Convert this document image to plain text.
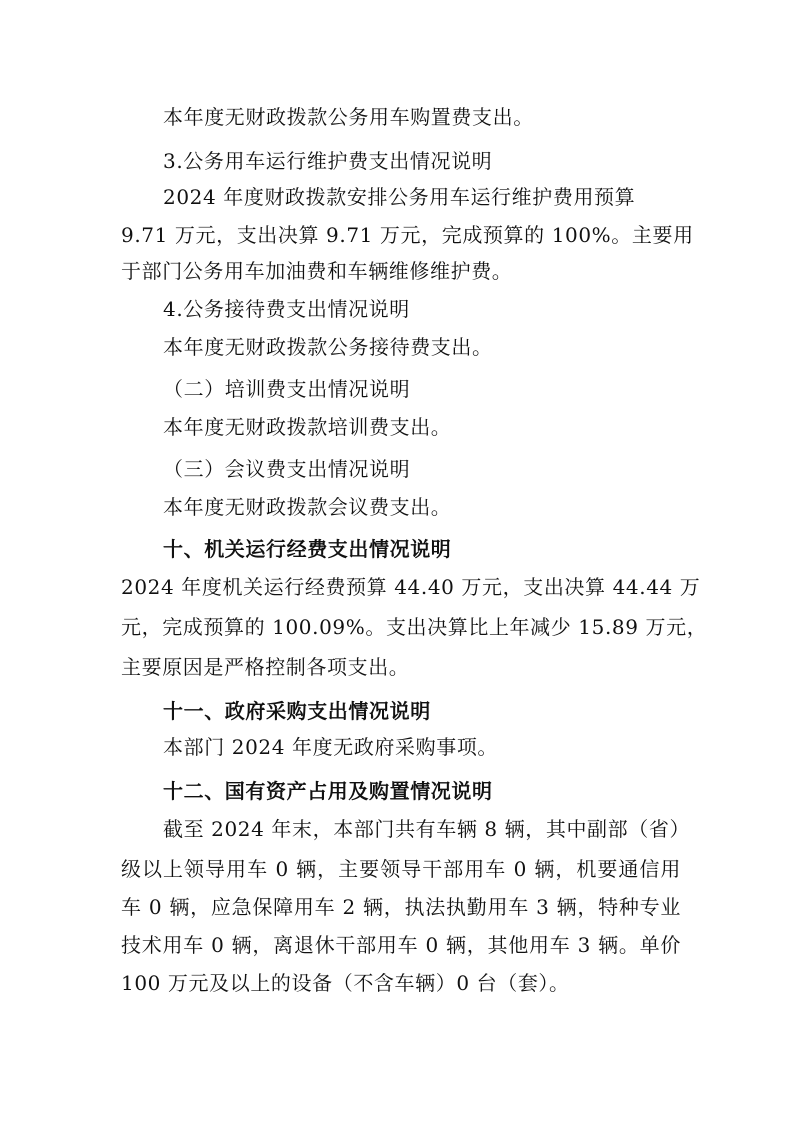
本年度无财政拨款公务用车购置费支出。
3.公务用车运行维护费支出情况说明
2024 年度财政拨款安排公务用车运行维护费用预算
9.71 万元，支出决算 9.71 万元，完成预算的 100%。主要用
于部门公务用车加油费和车辆维修维护费。
4.公务接待费支出情况说明
本年度无财政拨款公务接待费支出。
（二）培训费支出情况说明
本年度无财政拨款培训费支出。
（三）会议费支出情况说明
本年度无财政拨款会议费支出。
十、机关运行经费支出情况说明
2024 年度机关运行经费预算 44.40 万元，支出决算 44.44 万
元，完成预算的 100.09%。支出决算比上年减少 15.89 万元，
主要原因是严格控制各项支出。
十一、政府采购支出情况说明
本部门 2024 年度无政府采购事项。
十二、国有资产占用及购置情况说明
截至 2024 年末，本部门共有车辆 8 辆，其中副部（省）
级以上领导用车 0 辆，主要领导干部用车 0 辆，机要通信用
车 0 辆，应急保障用车 2 辆，执法执勤用车 3 辆，特种专业
技术用车 0 辆，离退休干部用车 0 辆，其他用车 3 辆。单价
100 万元及以上的设备（不含车辆）0 台（套）。
